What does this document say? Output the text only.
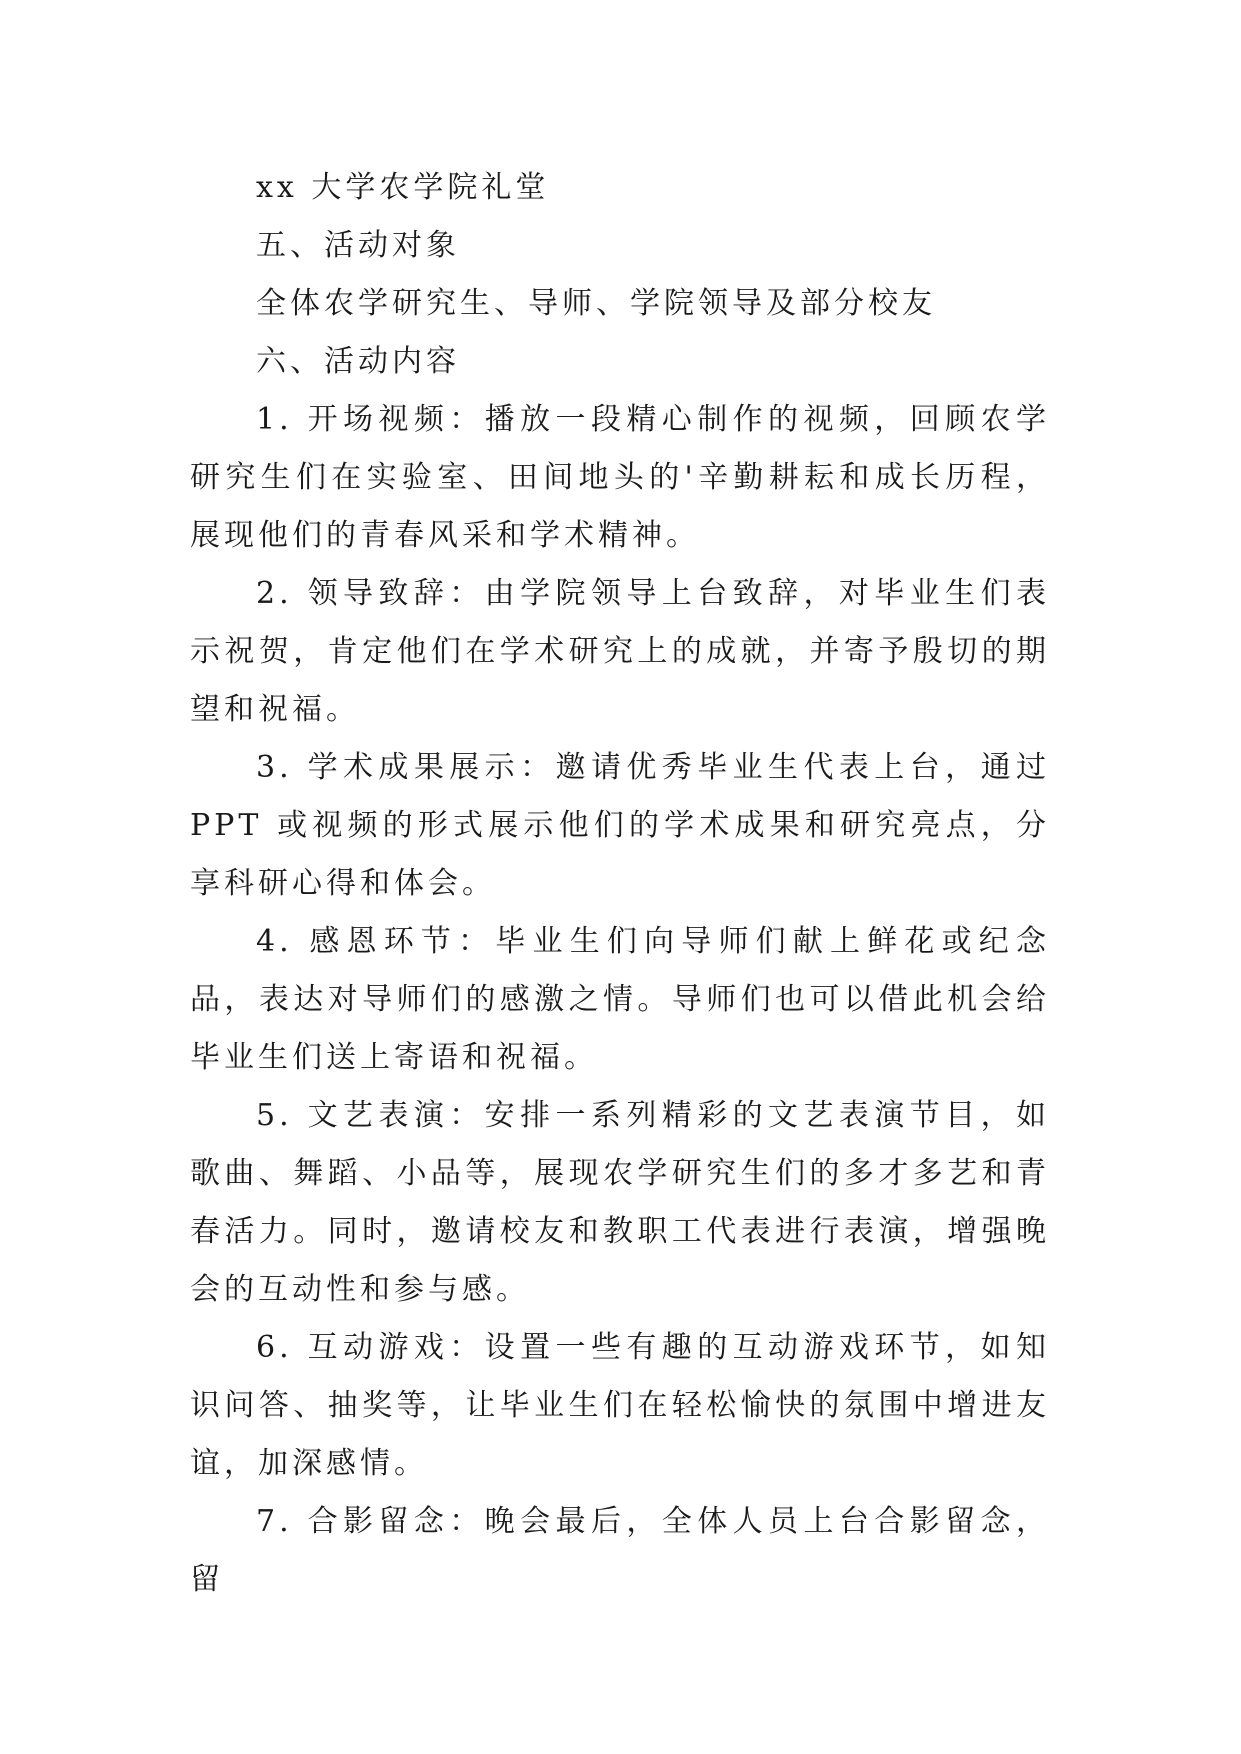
xx 大学农学院礼堂

五、活动对象

全体农学研究生、导师、学院领导及部分校友

六、活动内容

1. 开场视频：播放一段精心制作的视频，回顾农学研究生们在实验室、田间地头的'辛勤耕耘和成长历程，展现他们的青春风采和学术精神。

2. 领导致辞：由学院领导上台致辞，对毕业生们表示祝贺，肯定他们在学术研究上的成就，并寄予殷切的期望和祝福。

3. 学术成果展示：邀请优秀毕业生代表上台，通过 PPT 或视频的形式展示他们的学术成果和研究亮点，分享科研心得和体会。

4. 感恩环节：毕业生们向导师们献上鲜花或纪念品，表达对导师们的感激之情。导师们也可以借此机会给毕业生们送上寄语和祝福。

5. 文艺表演：安排一系列精彩的文艺表演节目，如歌曲、舞蹈、小品等，展现农学研究生们的多才多艺和青春活力。同时，邀请校友和教职工代表进行表演，增强晚会的互动性和参与感。

6. 互动游戏：设置一些有趣的互动游戏环节，如知识问答、抽奖等，让毕业生们在轻松愉快的氛围中增进友谊，加深感情。

7. 合影留念：晚会最后，全体人员上台合影留念，留
